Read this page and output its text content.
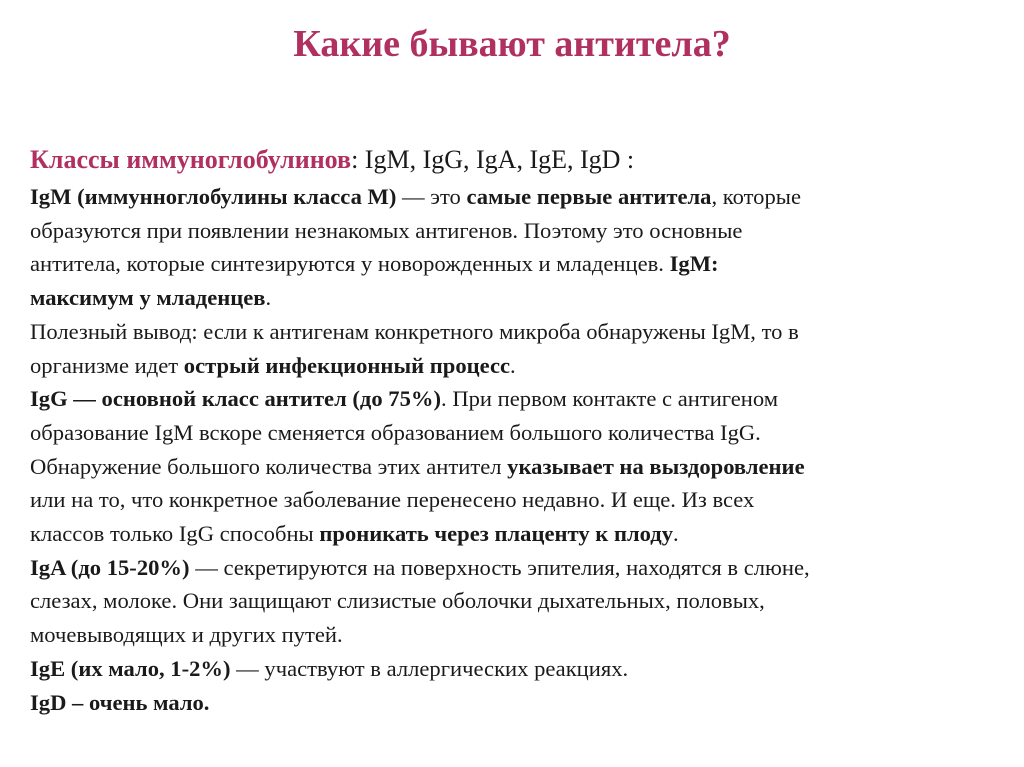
Какие бывают антитела?
Классы иммуноглобулинов: IgM, IgG, IgA, IgE, IgD :
IgM (иммунноглобулины класса М) — это самые первые антитела, которые
образуются при появлении незнакомых антигенов. Поэтому это основные
антитела, которые синтезируются у новорожденных и младенцев. IgM:
максимум у младенцев.
Полезный вывод: если к антигенам конкретного микроба обнаружены IgM, то в
организме идет острый инфекционный процесс.
IgG — основной класс антител (до 75%). При первом контакте с антигеном
образование IgM вскоре сменяется образованием большого количества IgG.
Обнаружение большого количества этих антител указывает на выздоровление
или на то, что конкретное заболевание перенесено недавно. И еще. Из всех
классов только IgG способны проникать через плаценту к плоду.
IgA (до 15-20%) — секретируются на поверхность эпителия, находятся в слюне,
слезах, молоке. Они защищают слизистые оболочки дыхательных, половых,
мочевыводящих и других путей.
IgE (их мало, 1-2%) — участвуют в аллергических реакциях.
IgD – очень мало.
